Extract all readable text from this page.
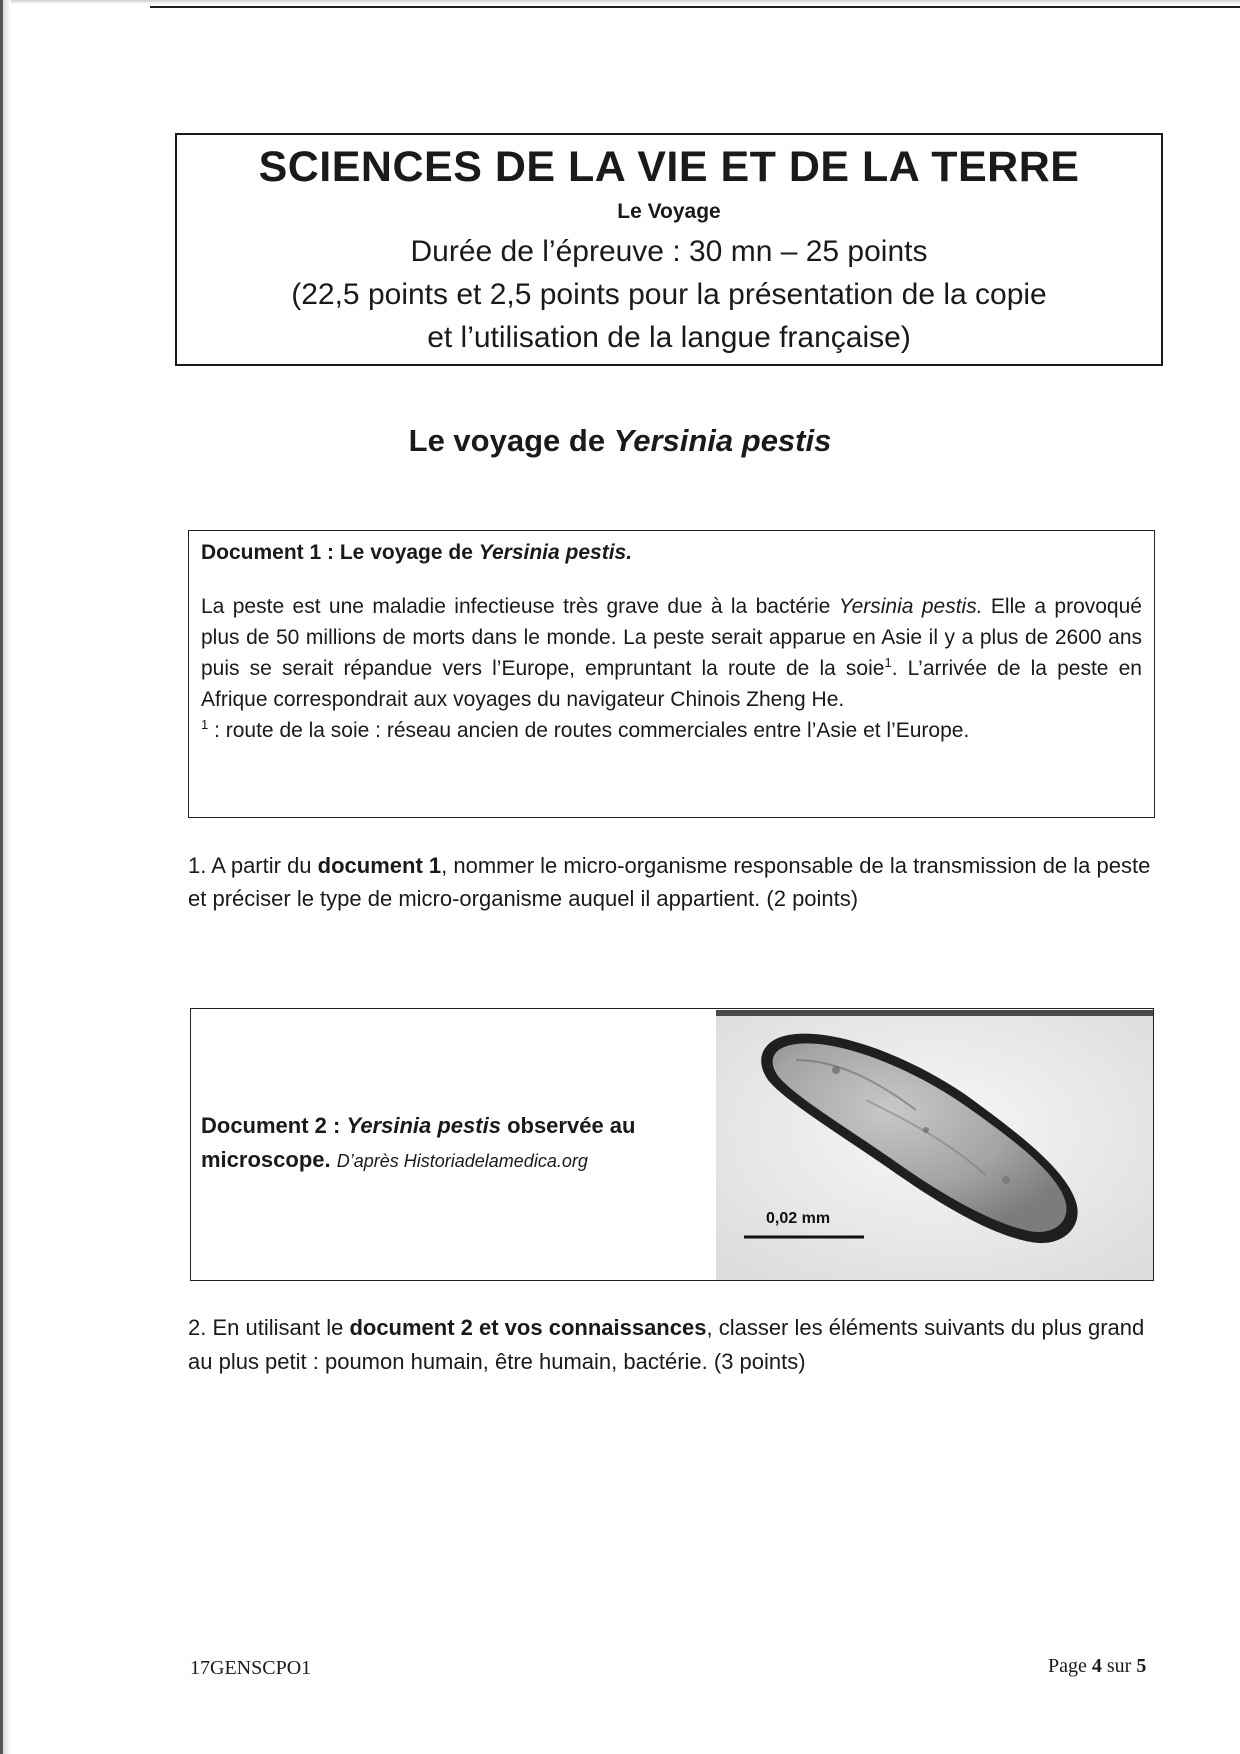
SCIENCES DE LA VIE ET DE LA TERRE
Le Voyage
Durée de l’épreuve : 30 mn – 25 points
(22,5 points et 2,5 points pour la présentation de la copie
et l’utilisation de la langue française)
Le voyage de Yersinia pestis
Document 1 : Le voyage de Yersinia pestis.

La peste est une maladie infectieuse très grave due à la bactérie Yersinia pestis. Elle a provoqué plus de 50 millions de morts dans le monde. La peste serait apparue en Asie il y a plus de 2600 ans puis se serait répandue vers l’Europe, empruntant la route de la soie$^1$. L’arrivée de la peste en Afrique correspondrait aux voyages du navigateur Chinois Zheng He.

$^1$ : route de la soie : réseau ancien de routes commerciales entre l’Asie et l’Europe.

1. A partir du document 1, nommer le micro-organisme responsable de la transmission de la peste et préciser le type de micro-organisme auquel il appartient. (2 points)
Document 2 : Yersinia pestis observée au microscope. D’après Historiadelamedica.org
0,02 mm
2. En utilisant le document 2 et vos connaissances, classer les éléments suivants du plus grand au plus petit : poumon humain, être humain, bactérie. (3 points)
17GENSCPO1	Page 4 sur 5
